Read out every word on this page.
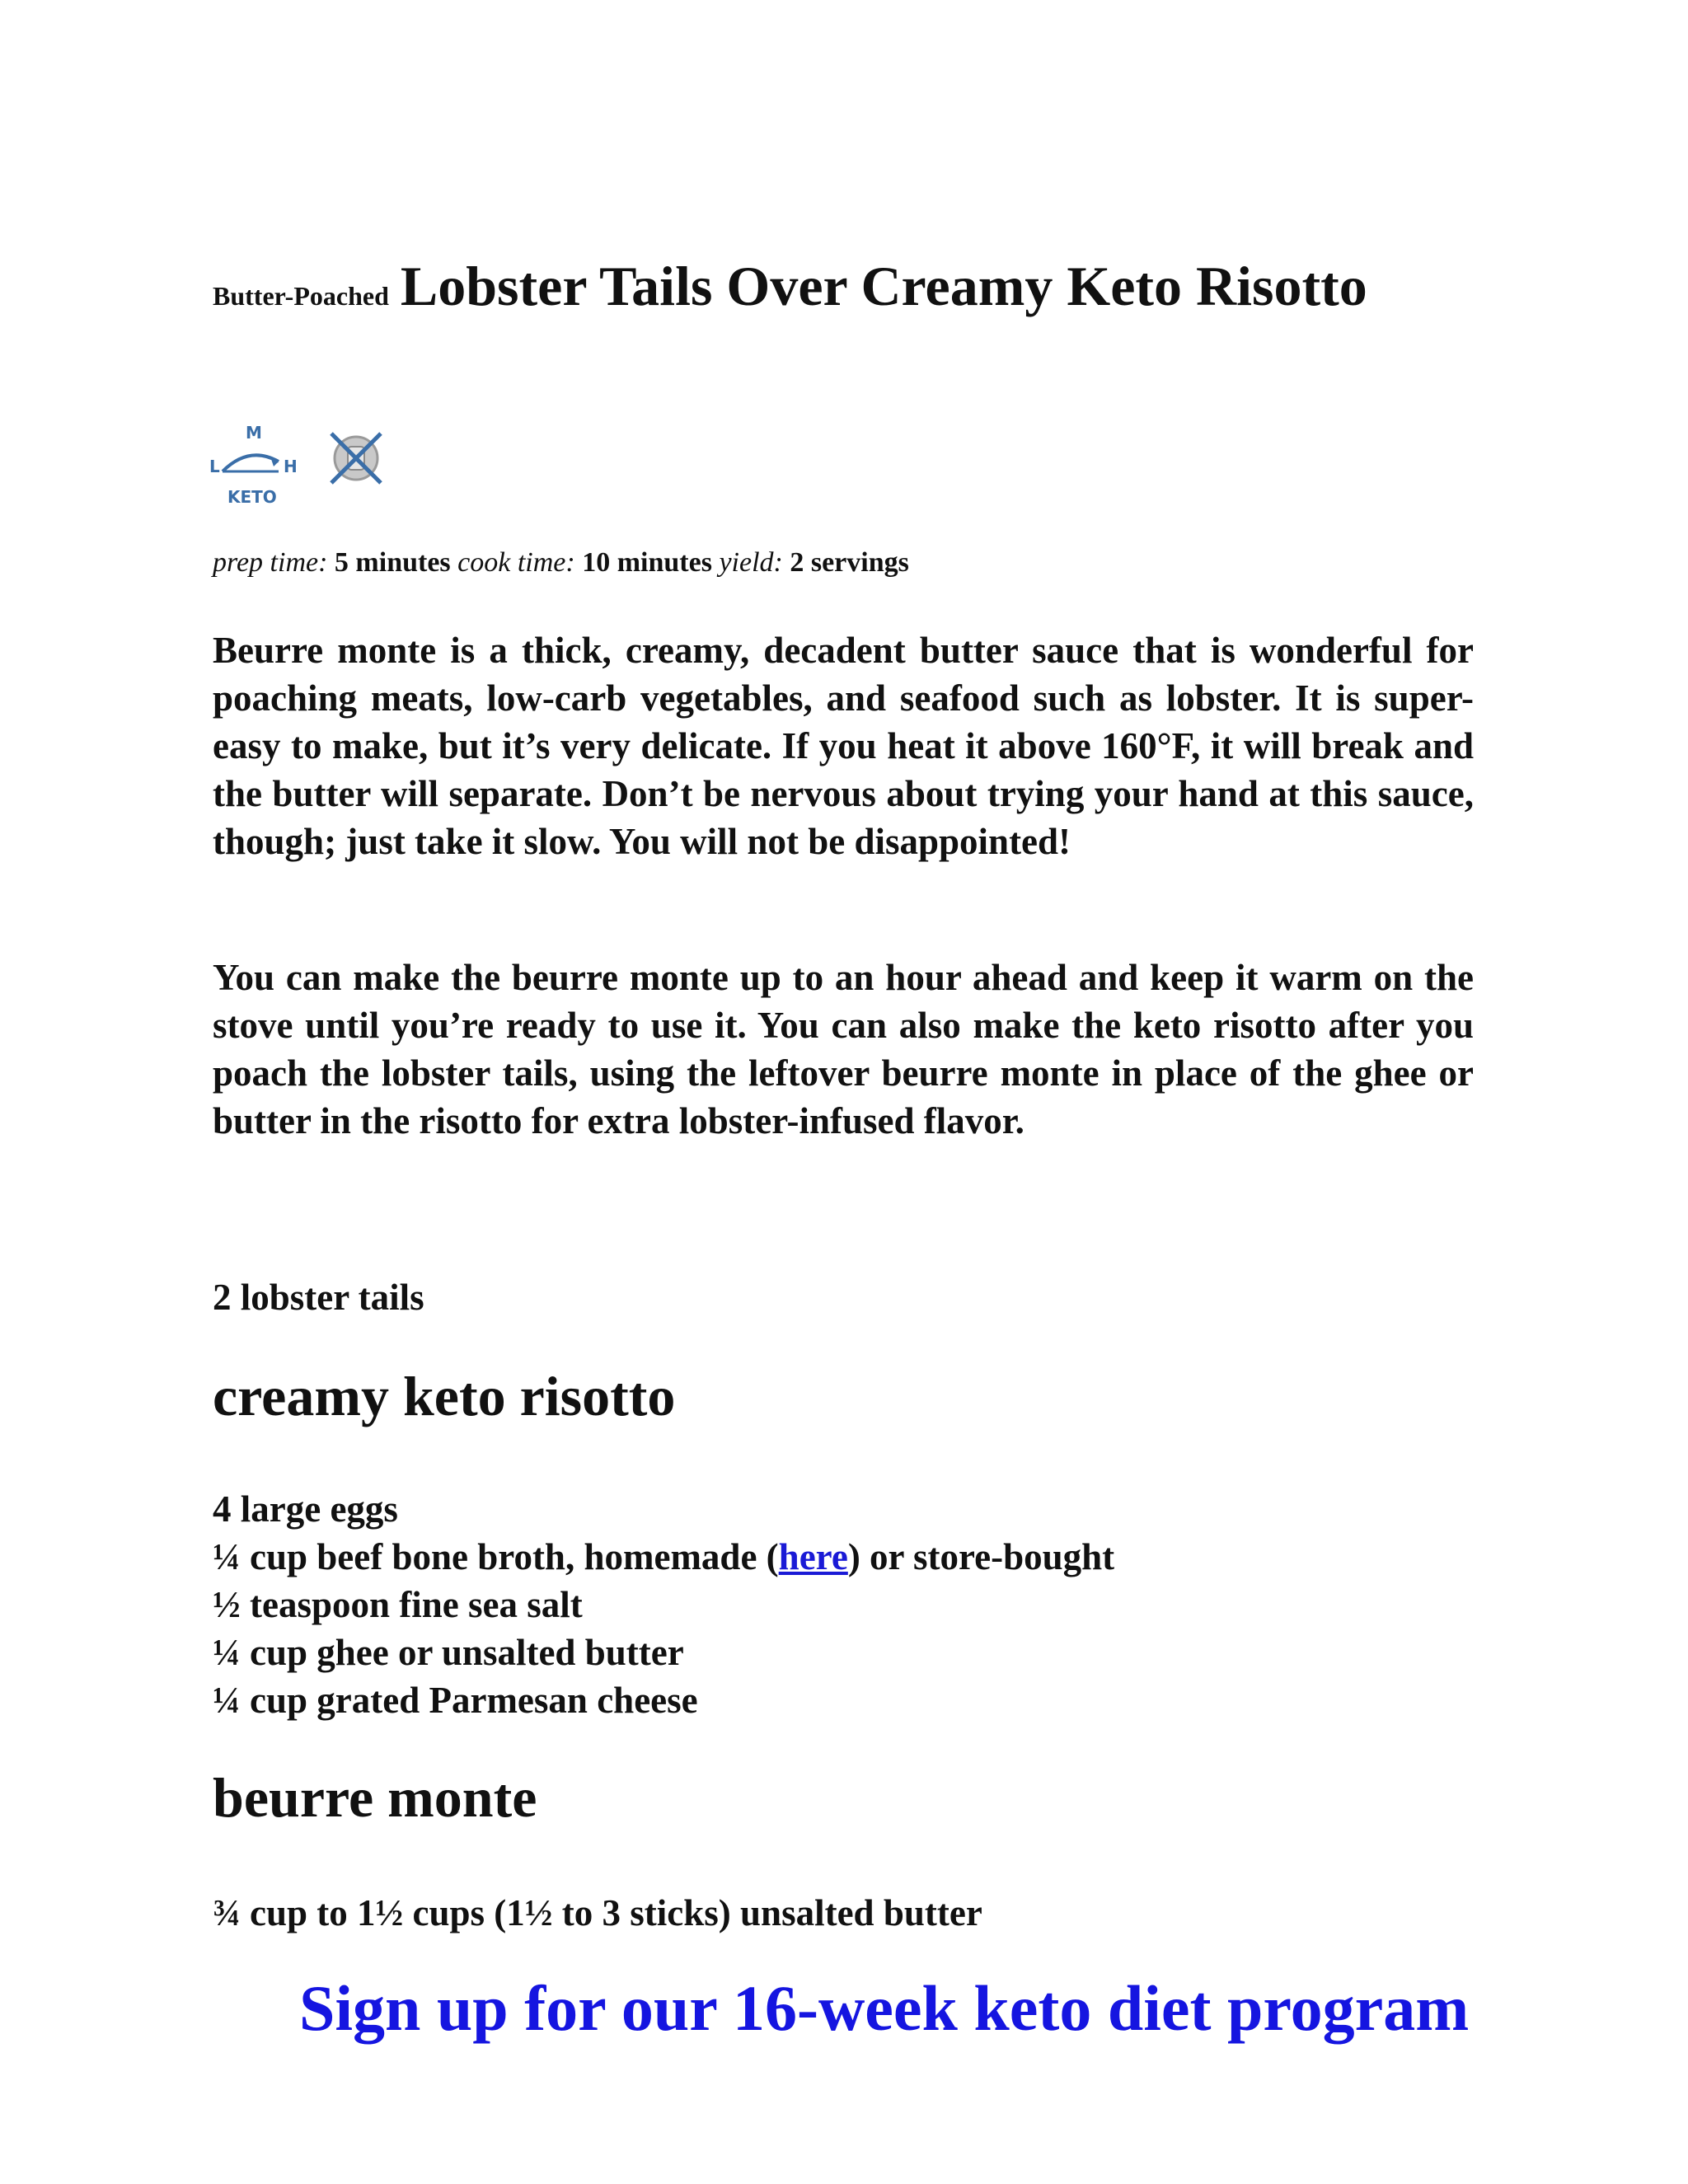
Butter-Poached Lobster Tails Over Creamy Keto Risotto
M
L	H
KETO
prep time: 5 minutes cook time: 10 minutes yield: 2 servings

Beurre monte is a thick, creamy, decadent butter sauce that is wonderful for poaching meats, low-carb vegetables, and seafood such as lobster. It is super-easy to make, but it’s very delicate. If you heat it above 160°F, it will break and the butter will separate. Don’t be nervous about trying your hand at this sauce, though; just take it slow. You will not be disappointed!

You can make the beurre monte up to an hour ahead and keep it warm on the stove until you’re ready to use it. You can also make the keto risotto after you poach the lobster tails, using the leftover beurre monte in place of the ghee or butter in the risotto for extra lobster-infused flavor.

2 lobster tails

creamy keto risotto
4 large eggs
¼ cup beef bone broth, homemade (here) or store-bought
½ teaspoon fine sea salt
¼ cup ghee or unsalted butter
¼ cup grated Parmesan cheese
beurre monte

¾ cup to 1½ cups (1½ to 3 sticks) unsalted butter

Sign up for our 16-week keto diet program
